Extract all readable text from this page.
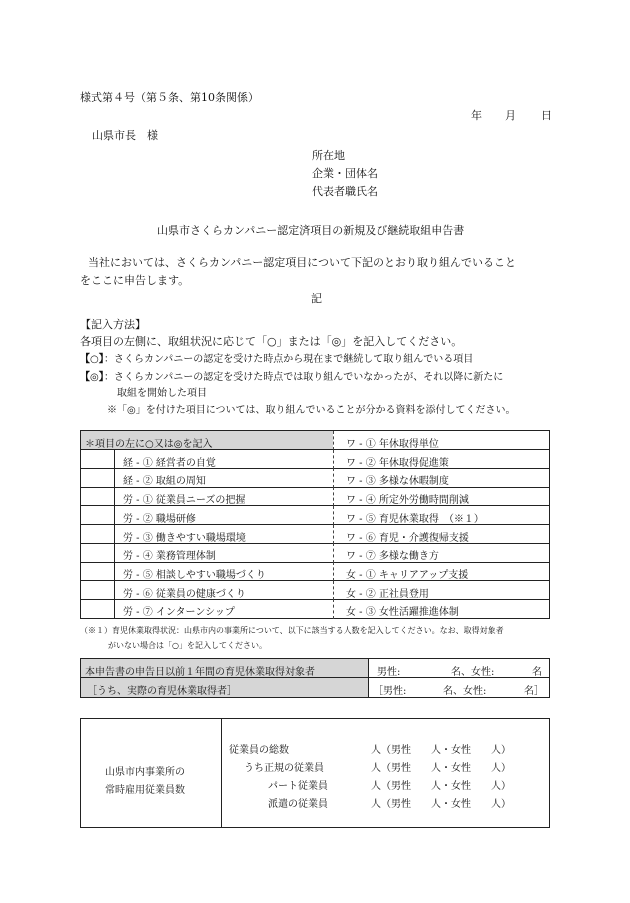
様式第４号（第５条、第10条関係）
年 月 日
山県市長　様
所在地
企業・団体名
代表者職氏名
山県市さくらカンパニー認定済項目の新規及び継続取組申告書
当社においては、さくらカンパニー認定項目について下記のとおり取り組んでいること
をここに申告します。
記
【記入方法】
各項目の左側に、取組状況に応じて「○」または「◎」を記入してください。
【○】
：さくらカンパニーの認定を受けた時点から現在まで継続して取り組んでいる項目
【◎】
：さくらカンパニーの認定を受けた時点では取り組んでいなかったが、それ以降に新たに
取組を開始した項目
※「◎」を付けた項目については、取り組んでいることが分かる資料を添付してください。
＊項目の左に○又は◎を記入	ワ - ① 年休取得単位
経 - ① 経営者の自覚	ワ - ② 年休取得促進策
経 - ② 取組の周知	ワ - ③ 多様な休暇制度
労 - ① 従業員ニーズの把握	ワ - ④ 所定外労働時間削減
労 - ② 職場研修	ワ - ⑤ 育児休業取得　（※１）
労 - ③ 働きやすい職場環境	ワ - ⑥ 育児・介護復帰支援
労 - ④ 業務管理体制	ワ - ⑦ 多様な働き方
労 - ⑤ 相談しやすい職場づくり	女 - ① キャリアアップ支援
労 - ⑥ 従業員の健康づくり	女 - ② 正社員登用
労 - ⑦ インターンシップ	女 - ③ 女性活躍推進体制
（※１）育児休業取得状況：山県市内の事業所について、以下に該当する人数を記入してください。なお、取得対象者
がいない場合は「○」を記入してください。
本申告書の申告日以前１年間の育児休業取得対象者	男性:	名、女性:	名
［うち、実際の育児休業取得者］	［男性:	名、女性:	名］
山県市内事業所の
常時雇用従業員数
従業員の総数	人（男性　　人・女性　　人）
うち正規の従業員	人（男性　　人・女性　　人）
パート従業員	人（男性　　人・女性　　人）
派遣の従業員	人（男性　　人・女性　　人）
